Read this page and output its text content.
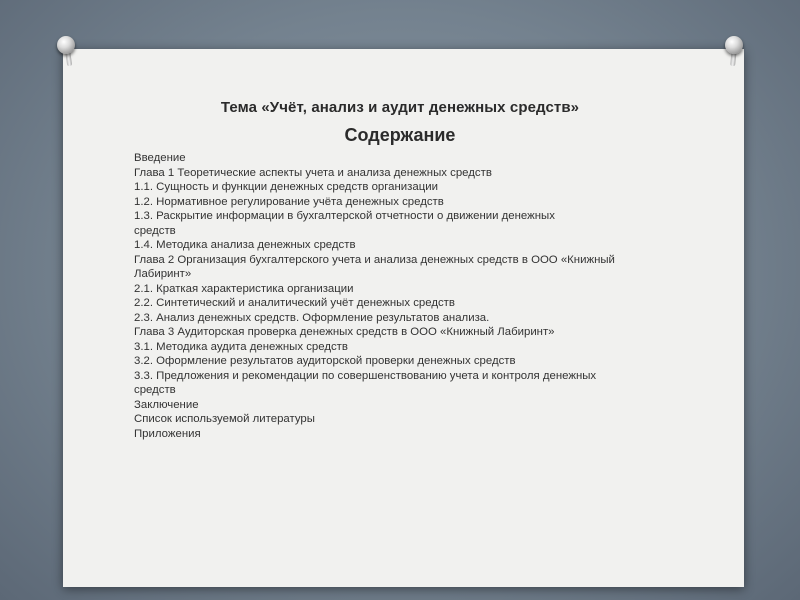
Тема «Учёт, анализ и аудит денежных средств»
Содержание
Введение
Глава 1 Теоретические аспекты учета и анализа денежных средств
1.1. Сущность и функции денежных средств организации
1.2. Нормативное регулирование учёта денежных средств
1.3. Раскрытие информации в бухгалтерской отчетности о движении денежных средств
1.4. Методика анализа денежных средств
Глава 2 Организация бухгалтерского учета и анализа денежных средств в ООО «Книжный Лабиринт»
2.1. Краткая характеристика организации
2.2. Синтетический и аналитический учёт денежных средств
2.3. Анализ денежных средств. Оформление результатов анализа.
Глава 3 Аудиторская проверка денежных средств в ООО «Книжный Лабиринт»
3.1. Методика аудита денежных средств
3.2. Оформление результатов аудиторской проверки денежных средств
3.3. Предложения и рекомендации по совершенствованию учета и контроля денежных средств
Заключение
Список используемой литературы
Приложения
